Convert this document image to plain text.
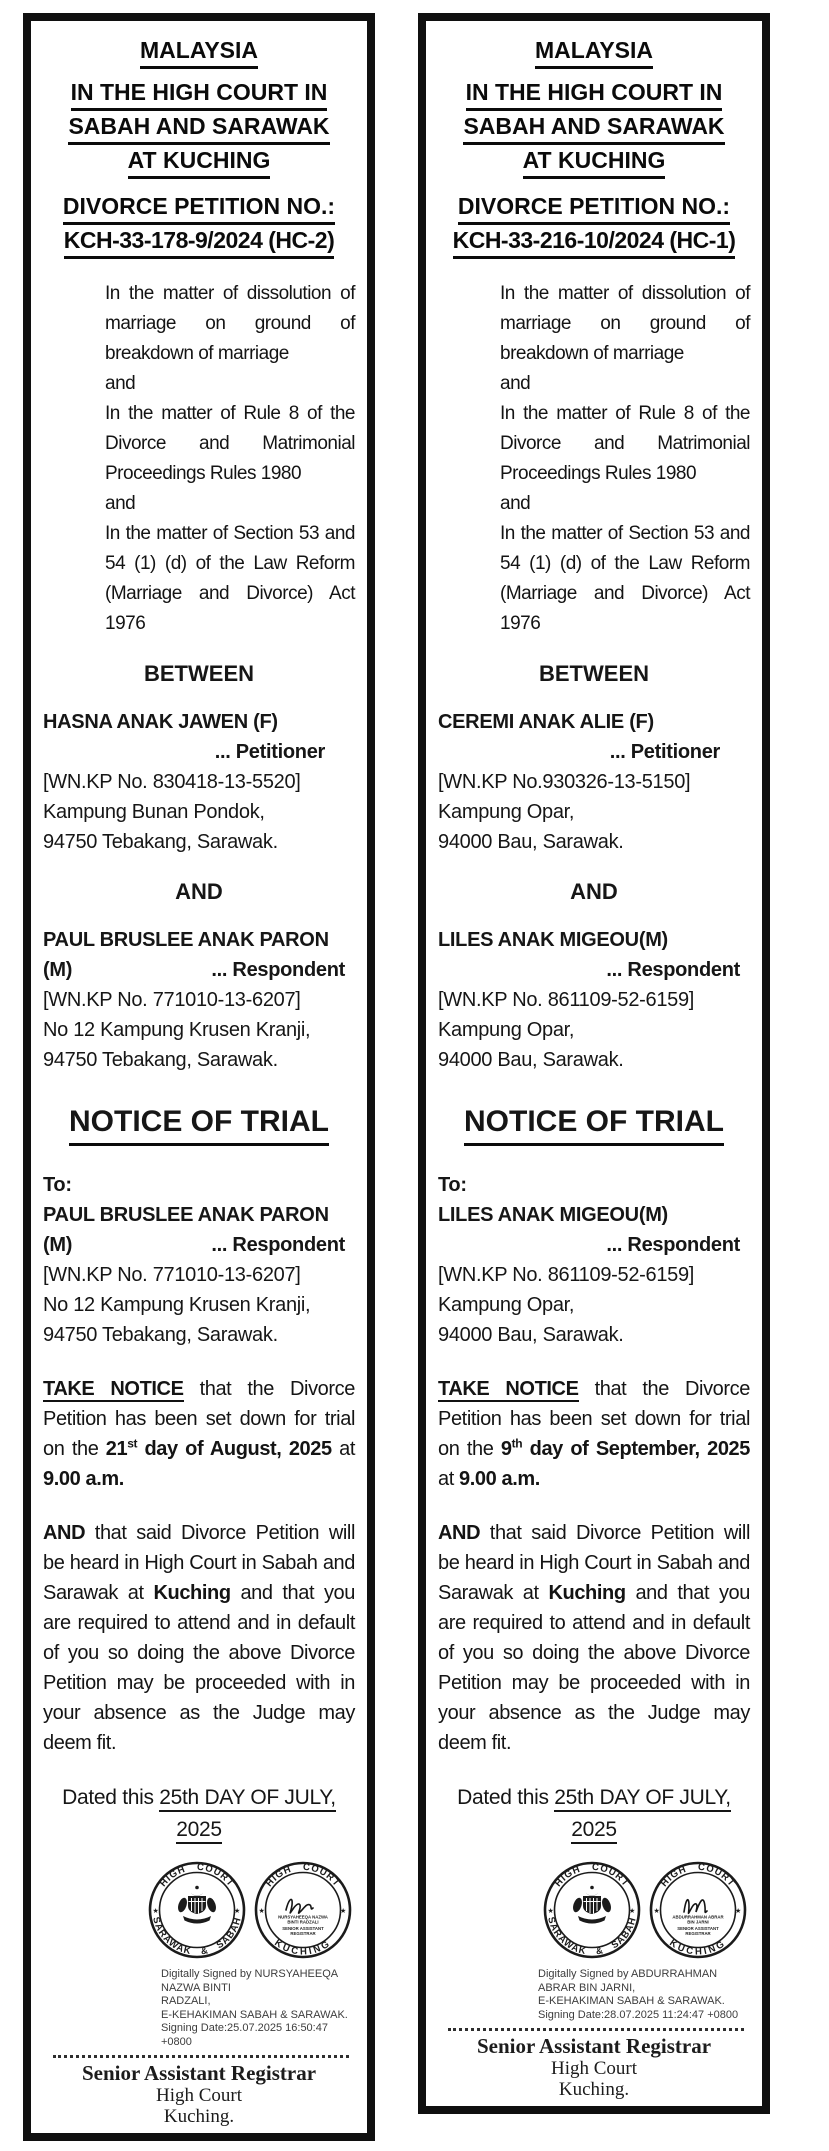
MALAYSIA
IN THE HIGH COURT IN
SABAH AND SARAWAK
AT KUCHING
DIVORCE PETITION NO.:
KCH-33-178-9/2024 (HC-2)
In the matter of dissolution of marriage on ground of breakdown of marriage
and
In the matter of Rule 8 of the Divorce and Matrimonial Proceedings Rules 1980
and
In the matter of Section 53 and 54 (1) (d) of the Law Reform (Marriage and Divorce) Act 1976
BETWEEN
HASNA ANAK JAWEN (F)
... Petitioner
[WN.KP No. 830418-13-5520]
Kampung Bunan Pondok,
94750 Tebakang, Sarawak.
AND
PAUL BRUSLEE ANAK PARON
(M)	... Respondent
[WN.KP No. 771010-13-6207]
No 12 Kampung Krusen Kranji,
94750 Tebakang, Sarawak.
NOTICE OF TRIAL
To:
PAUL BRUSLEE ANAK PARON
(M)	... Respondent
[WN.KP No. 771010-13-6207]
No 12 Kampung Krusen Kranji,
94750 Tebakang, Sarawak.
TAKE NOTICE that the Divorce Petition has been set down for trial on the 21st day of August, 2025 at 9.00 a.m.
AND that said Divorce Petition will be heard in High Court in Sabah and Sarawak at Kuching and that you are required to attend and in default of you so doing the above Divorce Petition may be proceeded with in your absence as the Judge may deem fit.
Dated this 25th DAY OF JULY,
2025
HIGH COURT
SARAWAK & SABAH
★	★
HIGH COURT
KUCHING
★	★
NURSYAHEEQA NAZWA
BINTI RADZALI
SENIOR ASSISTANT
REGISTRAR
Digitally Signed by NURSYAHEEQA NAZWA BINTI
RADZALI,
E-KEHAKIMAN SABAH & SARAWAK.
Signing Date:25.07.2025 16:50:47 +0800
Senior Assistant Registrar
High Court
Kuching.
MALAYSIA
IN THE HIGH COURT IN
SABAH AND SARAWAK
AT KUCHING
DIVORCE PETITION NO.:
KCH-33-216-10/2024 (HC-1)
In the matter of dissolution of marriage on ground of breakdown of marriage
and
In the matter of Rule 8 of the Divorce and Matrimonial Proceedings Rules 1980
and
In the matter of Section 53 and 54 (1) (d) of the Law Reform (Marriage and Divorce) Act 1976
BETWEEN
CEREMI ANAK ALIE (F)
... Petitioner
[WN.KP No.930326-13-5150]
Kampung Opar,
94000 Bau, Sarawak.
AND
LILES ANAK MIGEOU(M)
... Respondent
[WN.KP No. 861109-52-6159]
Kampung Opar,
94000 Bau, Sarawak.
NOTICE OF TRIAL
To:
LILES ANAK MIGEOU(M)
... Respondent
[WN.KP No. 861109-52-6159]
Kampung Opar,
94000 Bau, Sarawak.
TAKE NOTICE that the Divorce Petition has been set down for trial on the 9th day of September, 2025 at 9.00 a.m.
AND that said Divorce Petition will be heard in High Court in Sabah and Sarawak at Kuching and that you are required to attend and in default of you so doing the above Divorce Petition may be proceeded with in your absence as the Judge may deem fit.
Dated this 25th DAY OF JULY,
2025
HIGH COURT
SARAWAK & SABAH
★	★
HIGH COURT
KUCHING
★	★
ABDURRAHMAN ABRAR
BIN JARNI
SENIOR ASSISTANT
REGISTRAR
Digitally Signed by ABDURRAHMAN ABRAR BIN JARNI,
E-KEHAKIMAN SABAH & SARAWAK.
Signing Date:28.07.2025 11:24:47 +0800
Senior Assistant Registrar
High Court
Kuching.
